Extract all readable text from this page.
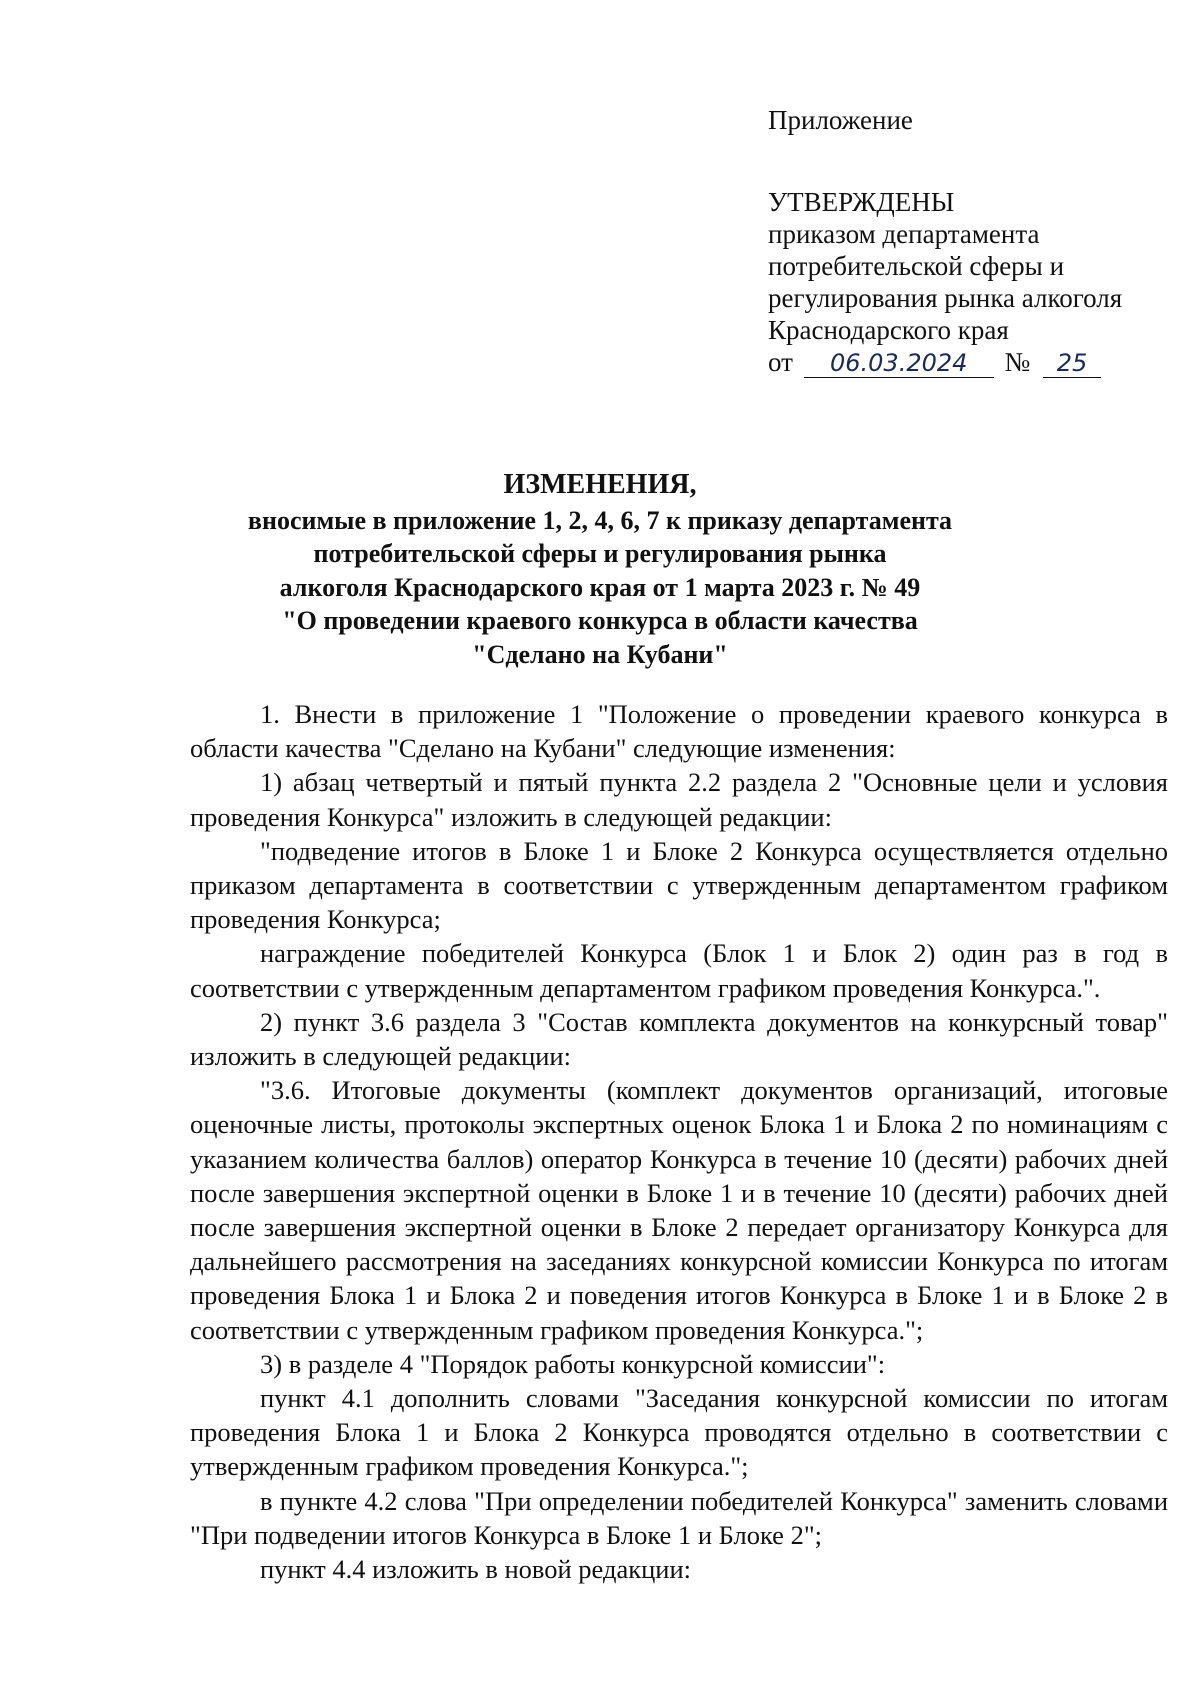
Приложение
УТВЕРЖДЕНЫ
приказом департамента
потребительской сферы и
регулирования рынка алкоголя
Краснодарского края
от 06.03.2024 № 25
ИЗМЕНЕНИЯ,
вносимые в приложение 1, 2, 4, 6, 7 к приказу департамента
потребительской сферы и регулирования рынка
алкоголя Краснодарского края от 1 марта 2023 г. № 49
"О проведении краевого конкурса в области качества
"Сделано на Кубани"

1. Внести в приложение 1 "Положение о проведении краевого конкурса в области качества "Сделано на Кубани" следующие изменения:

1) абзац четвертый и пятый пункта 2.2 раздела 2 "Основные цели и условия проведения Конкурса" изложить в следующей редакции:

"подведение итогов в Блоке 1 и Блоке 2 Конкурса осуществляется отдельно приказом департамента в соответствии с утвержденным департаментом графиком проведения Конкурса;

награждение победителей Конкурса (Блок 1 и Блок 2) один раз в год в соответствии с утвержденным департаментом графиком проведения Конкурса.".

2) пункт 3.6 раздела 3 "Состав комплекта документов на конкурсный товар" изложить в следующей редакции:

"3.6. Итоговые документы (комплект документов организаций, итоговые оценочные листы, протоколы экспертных оценок Блока 1 и Блока 2 по номинациям с указанием количества баллов) оператор Конкурса в течение 10 (десяти) рабочих дней после завершения экспертной оценки в Блоке 1 и в течение 10 (десяти) рабочих дней после завершения экспертной оценки в Блоке 2 передает организатору Конкурса для дальнейшего рассмотрения на заседаниях конкурсной комиссии Конкурса по итогам проведения Блока 1 и Блока 2 и поведения итогов Конкурса в Блоке 1 и в Блоке 2 в соответствии с утвержденным графиком проведения Конкурса.";

3) в разделе 4 "Порядок работы конкурсной комиссии":

пункт 4.1 дополнить словами "Заседания конкурсной комиссии по итогам проведения Блока 1 и Блока 2 Конкурса проводятся отдельно в соответствии с утвержденным графиком проведения Конкурса.";

в пункте 4.2 слова "При определении победителей Конкурса" заменить словами "При подведении итогов Конкурса в Блоке 1 и Блоке 2";

пункт 4.4 изложить в новой редакции:
